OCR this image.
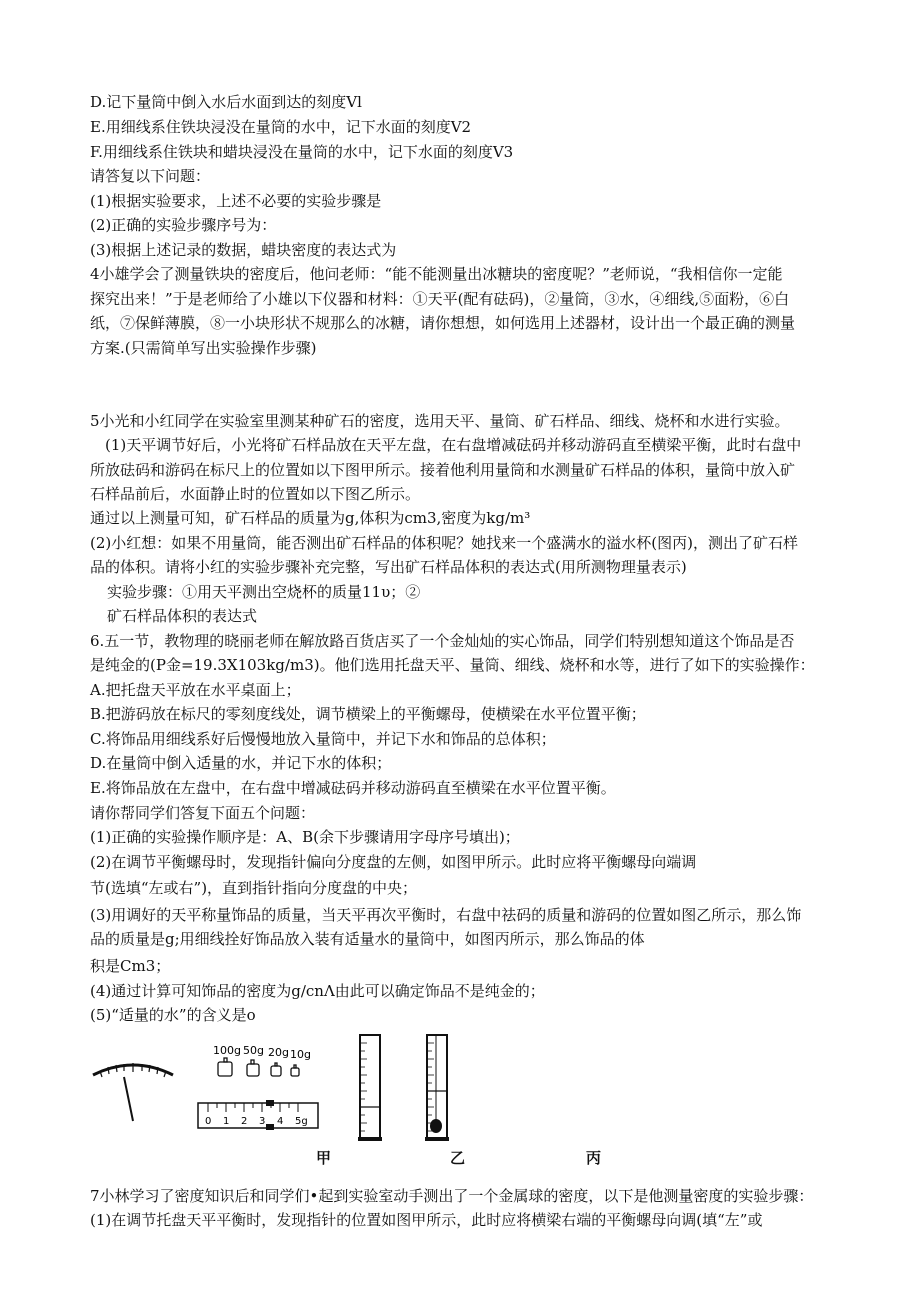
D.记下量筒中倒入水后水面到达的刻度Vl
E.用细线系住铁块浸没在量筒的水中，记下水面的刻度V2
F.用细线系住铁块和蜡块浸没在量筒的水中，记下水面的刻度V3
请答复以下问题：
(1)根据实验要求，上述不必要的实验步骤是
(2)正确的实验步骤序号为：
(3)根据上述记录的数据，蜡块密度的表达式为
4小雄学会了测量铁块的密度后，他问老师：“能不能测量出冰糖块的密度呢？”老师说，“我相信你一定能
探究出来！”于是老师给了小雄以下仪器和材料：①天平(配有砝码)，②量筒，③水，④细线,⑤面粉，⑥白
纸，⑦保鲜薄膜，⑧一小块形状不规那么的冰糖，请你想想，如何选用上述器材，设计出一个最正确的测量
方案.(只需简单写出实验操作步骤)
5小光和小红同学在实验室里测某种矿石的密度，选用天平、量筒、矿石样品、细线、烧杯和水进行实验。
(1)天平调节好后，小光将矿石样品放在天平左盘，在右盘增减砝码并移动游码直至横梁平衡，此时右盘中
所放砝码和游码在标尺上的位置如以下图甲所示。接着他利用量筒和水测量矿石样品的体积，量筒中放入矿
石样品前后，水面静止时的位置如以下图乙所示。
通过以上测量可知，矿石样品的质量为g,体积为cm3,密度为kg∕m³
(2)小红想：如果不用量筒，能否测出矿石样品的体积呢？她找来一个盛满水的溢水杯(图丙)，测出了矿石样
品的体积。请将小红的实验步骤补充完整，写出矿石样品体积的表达式(用所测物理量表示)
实验步骤：①用天平测出空烧杯的质量11υ；②
矿石样品体积的表达式
6.五一节，教物理的晓丽老师在解放路百货店买了一个金灿灿的实心饰品，同学们特别想知道这个饰品是否
是纯金的(P金=19.3X103kg∕m3)。他们选用托盘天平、量筒、细线、烧杯和水等，进行了如下的实验操作：
A.把托盘天平放在水平桌面上；
B.把游码放在标尺的零刻度线处，调节横梁上的平衡螺母，使横梁在水平位置平衡；
C.将饰品用细线系好后慢慢地放入量筒中，并记下水和饰品的总体积；
D.在量筒中倒入适量的水，并记下水的体积；
E.将饰品放在左盘中，在右盘中增减砝码并移动游码直至横梁在水平位置平衡。
请你帮同学们答复下面五个问题：
(1)正确的实验操作顺序是：A、B(余下步骤请用字母序号填出)；
(2)在调节平衡螺母时，发现指针偏向分度盘的左侧，如图甲所示。此时应将平衡螺母向端调
节(选填“左或右”)，直到指针指向分度盘的中央；
(3)用调好的天平称量饰品的质量，当天平再次平衡时，右盘中祛码的质量和游码的位置如图乙所示，那么饰
品的质量是g;用细线拴好饰品放入装有适量水的量筒中，如图丙所示，那么饰品的体
积是Cm3；
(4)通过计算可知饰品的密度为g∕cnΛ由此可以确定饰品不是纯金的；
(5)“适量的水”的含义是o
100g 50g 20g 10g
0 1 2 3 4 5g
甲	乙	丙
7小林学习了密度知识后和同学们•起到实验室动手测出了一个金属球的密度，以下是他测量密度的实验步骤：
(1)在调节托盘天平平衡时，发现指针的位置如图甲所示，此时应将横梁右端的平衡螺母向调(填“左”或
